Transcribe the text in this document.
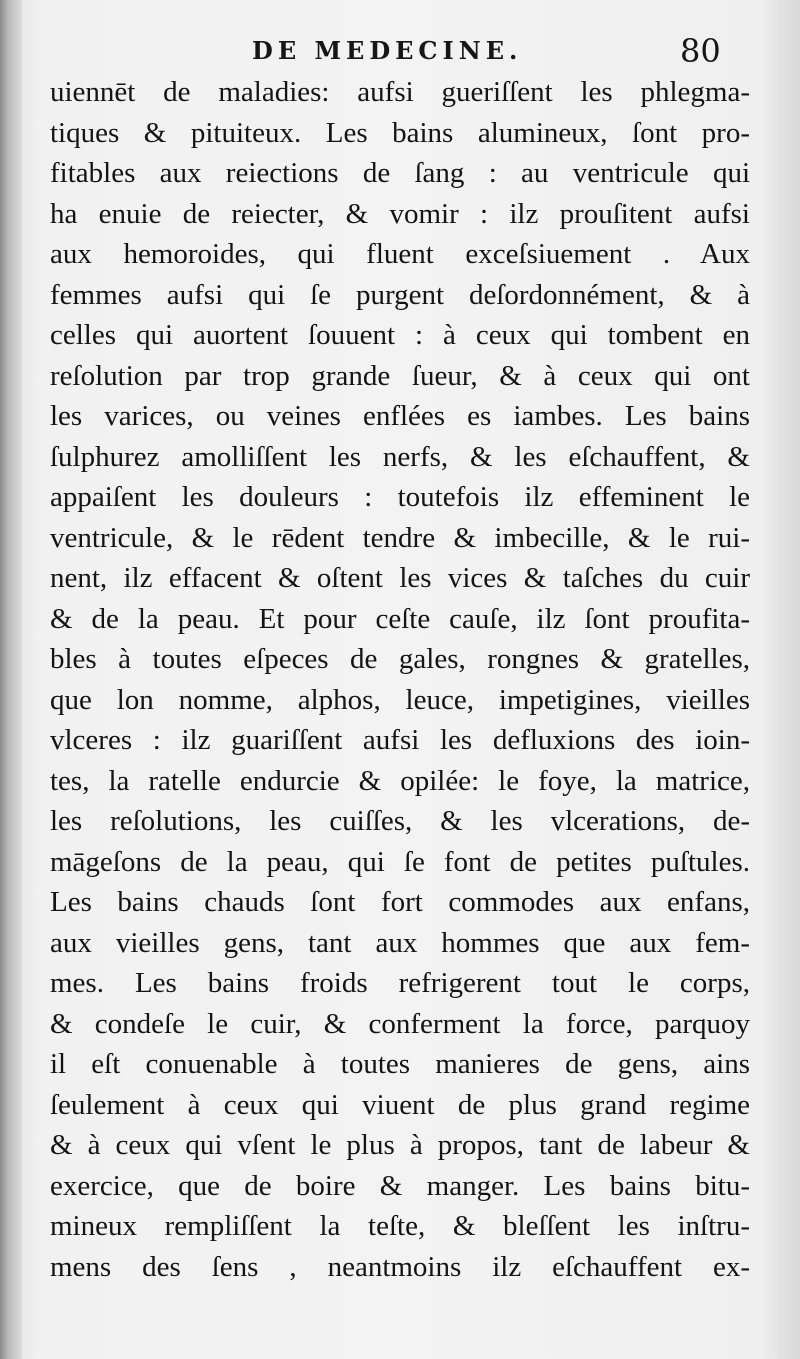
DE MEDECINE.	80
uiennēt de maladies: aufsi gueriſſent les phlegma-
tiques & pituiteux. Les bains alumineux, ſont pro-
fitables aux reiections de ſang : au ventricule qui
ha enuie de reiecter, & vomir : ilz prouſitent aufsi
aux hemoroides, qui fluent exceſsiuement . Aux
femmes aufsi qui ſe purgent deſordonnément, & à
celles qui auortent ſouuent : à ceux qui tombent en
reſolution par trop grande ſueur, & à ceux qui ont
les varices, ou veines enflées es iambes. Les bains
ſulphurez amolliſſent les nerfs, & les eſchauffent, &
appaiſent les douleurs : toutefois ilz effeminent le
ventricule, & le rēdent tendre & imbecille, & le rui-
nent, ilz effacent & oſtent les vices & taſches du cuir
& de la peau. Et pour ceſte cauſe, ilz ſont proufita-
bles à toutes eſpeces de gales, rongnes & gratelles,
que lon nomme, alphos, leuce, impetigines, vieilles
vlceres : ilz guariſſent aufsi les defluxions des ioin-
tes, la ratelle endurcie & opilée: le foye, la matrice,
les reſolutions, les cuiſſes, & les vlcerations, de-
māgeſons de la peau, qui ſe font de petites puſtules.
Les bains chauds ſont fort commodes aux enfans,
aux vieilles gens, tant aux hommes que aux fem-
mes. Les bains froids refrigerent tout le corps,
& condeſe le cuir, & conferment la force, parquoy
il eſt conuenable à toutes manieres de gens, ains
ſeulement à ceux qui viuent de plus grand regime
& à ceux qui vſent le plus à propos, tant de labeur &
exercice, que de boire & manger. Les bains bitu-
mineux rempliſſent la teſte, & bleſſent les inſtru-
mens des ſens , neantmoins ilz eſchauffent ex-
